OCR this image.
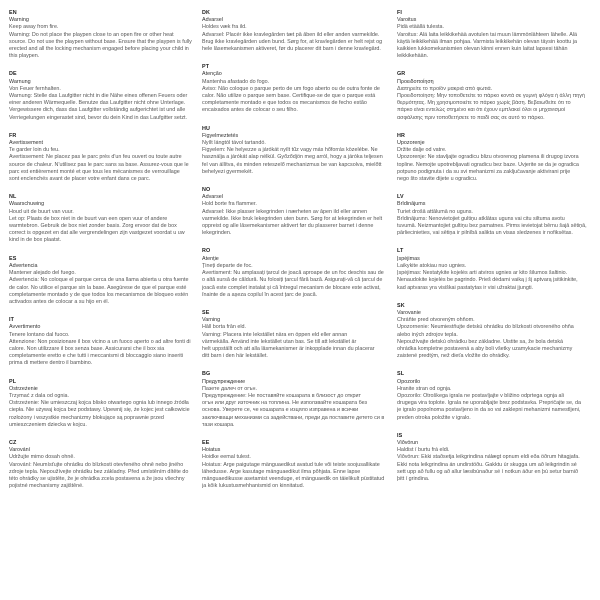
EN
Warning
Keep away from fire.
Warning: Do not place the playpen close to an open fire or other heat
source. Do not use the playpen without base. Ensure that the playpen is fully
erected and all the locking mechanism engaged before placing your child in
this playpen.
DE
Warnung
Von Feuer fernhalten.
Warnung: Stelle das Laufgitter nicht in die Nähe eines offenen Feuers oder
einer anderen Wärmequelle. Benutze das Laufgitter nicht ohne Unterlage.
Vergewissere dich, dass das Laufgitter vollständig aufgerichtet ist und alle
Verriegelungen eingerastet sind, bevor du dein Kind in das Laufgitter setzt.
FR
Avertissement
Te garder loin du feu.
Avertissement: Ne placez pas le parc près d'un feu ouvert ou toute autre
source de chaleur. N'utilisez pas le parc sans sa base. Assurez-vous que le
parc est entièrement monté et que tous les mécanismes de verrouillage
sont enclenchés avant de placer votre enfant dans ce parc.
NL
Waarschuwing
Houd uit de buurt van vuur.
Let op: Plaats de box niet in de buurt van een open vuur of andere
warmtebron. Gebruik de box niet zonder basis. Zorg ervoor dat de box
correct is opgezet en dat alle vergrendelingen zijn vastgezet voordat u uw
kind in de box plaatst.
ES
Advertencia
Mantener alejado del fuego.
Advertencia: No coloque el parque cerca de una llama abierta u otra fuente
de calor. No utilice el parque sin la base. Asegúrese de que el parque esté
completamente montado y de que todos los mecanismos de bloqueo estén
activados antes de colocar a su hijo en él.
IT
Avvertimento
Tenere lontano dal fuoco.
Attenzione: Non posizionare il box vicino a un fuoco aperto o ad altre fonti di
calore. Non utilizzare il box senza base. Assicurarsi che il box sia
completamente eretto e che tutti i meccanismi di bloccaggio siano inseriti
prima di mettere dentro il bambino.
PL
Ostrzeżenie
Trzymać z dala od ognia.
Ostrzeżenie: Nie umieszczaj kojca blisko otwartego ognia lub innego źródła
ciepła. Nie używaj kojca bez podstawy. Upewnij się, że kojec jest całkowicie
rozłożony i wszystkie mechanizmy blokujące są poprawnie przed
umieszczeniem dziecka w kojcu.
CZ
Varování
Udržujte mimo dosah ohně.
Varování: Neumísťujte ohrádku do blízkosti otevřeného ohně nebo jiného
zdroje tepla. Nepoužívejte ohrádku bez základny. Před umístěním dítěte do
této ohrádky se ujistěte, že je ohrádka zcela postavena a že jsou všechny
pojistné mechanismy zajištěné.
DK
Advarsel
Holdes væk fra ild.
Advarsel: Placér ikke kravlegården tæt på åben ild eller anden varmekilde.
Brug ikke kravlegården uden bund. Sørg for, at kravlegården er helt rejst og
hele låsemekanismen aktiveret, før du placerer dit barn i denne kravlegård.
PT
Atenção
Mantenha afastado do fogo.
Aviso: Não coloque o parque perto de um fogo aberto ou de outra fonte de
calor. Não utilize o parque sem base. Certifique-se de que o parque está
completamente montado e que todos os mecanismos de fecho estão
encaixados antes de colocar o seu filho.
HU
Figyelmeztetés
Nyílt lángtól távol tartandó.
Figyelem: Ne helyezze a járókát nyílt tűz vagy más hőforrás közelébe. Ne
használja a járókát alap nélkül. Győződjön meg arról, hogy a járóka teljesen
fel van állítva, és minden reteszelő mechanizmus be van kapcsolva, mielőtt
behelyezi gyermekét.
NO
Advarsel
Hold borte fra flammer.
Advarsel: Ikke plasser lekegrinden i nærheten av åpen ild eller annen
varmekilde. Ikke bruk lekegrinden uten bunn. Sørg for at lekegrinden er helt
oppreist og alle låsemekanismer aktivert før du plasserer barnet i denne
lekegrinden.
RO
Atenție
Țineți departe de foc.
Avertisment: Nu amplasați țarcul de joacă aproape de un foc deschis sau de
o altă sursă de căldură. Nu folosiți țarcul fără bază. Asigurați-vă că țarcul de
joacă este complet instalat și că întregul mecanism de blocare este activat,
înainte de a așeza copilul în acest țarc de joacă.
SE
Varning
Håll borta från eld.
Varning: Placera inte lekstället nära en öppen eld eller annan
värmekälla. Använd inte lekstället utan bas. Se till att lekstället är
helt uppställt och att alla låsmekanismer är inkopplade innan du placerar
ditt barn i den här lekstället.
BG
Предупреждение
Пазете далеч от огън.
Предупреждение: Не поставяйте кошарата в близост до открит
огън или друг източник на топлина. Не използвайте кошарата без
основа. Уверете се, че кошарата е изцяло изправена и всички
заключващи механизми са задействани, преди да поставите детето си в
тази кошара.
EE
Hoiatus
Hoidke eemal tulest.
Hoiatus: Ärge paigutage mänguaedikut avatud tule või teiste soojusallikate
lähedusse. Ärge kasutage mänguaedikut ilma põhjata. Enne lapse
mänguaedikusse asetamist veenduge, et mänguaedik on täielikult püstitatud
ja kõik lukustusmehhanismid on kinnitatud.
FI
Varoitus
Pidä etäällä tulesta.
Varoitus: Älä laita leikkikehää avotulen tai muun lämmönlähteen lähelle. Älä
käytä leikkikehää ilman pohjaa. Varmista leikkikehän olevan täysin koottu ja
kaikkien lukkomekanismien olevan kiinni ennen kuin laitat lapsesi tähän
leikkikehään.
GR
Προειδοποίηση
Διατηρείτε το προϊόν μακριά από φωτιά.
Προειδοποίηση: Μην τοποθετείτε το πάρκο κοντά σε γυμνή φλόγα ή άλλη πηγή
θερμότητας. Μη χρησιμοποιείτε το πάρκο χωρίς βάση. Βεβαιωθείτε ότι το
πάρκο είναι εντελώς στημένο και ότι έχουν εμπλακεί όλοι οι μηχανισμοί
ασφάλισης πριν τοποθετήσετε το παιδί σας σε αυτό το πάρκο.
HR
Upozorenje
Držite dalje od vatre.
Upozorenje: Ne stavljajte ogradicu blizu otvorenog plamena ili drugog izvora
topline. Nemojte upotrebljavati ogradicu bez baze. Uvjerite se da je ogradica
potpuno podignuta i da su svi mehanizmi za zaključavanje aktivirani prije
nego što stavite dijete u ogradicu.
LV
Brīdinājums
Turiet drošā attālumā no uguns.
Brīdinājums: Nenovietojiet gultiņu atklātas uguns vai citu siltuma avotu
tuvumā. Neizmantojiet gultiņu bez pamatnes. Pirms ievietojat bērnu šajā sētiņā,
pārliecinieties, vai sētiņa ir pilnībā salikta un visas sledzenes ir noﬁksētas.
LT
Įspėjimas
Laikykite atokiau nuo ugnies.
Įspėjimas: Nestatykite kojelės arti atviros ugnies ar kito šilumos šaltinio.
Nenaudokite kojelės be pagrindo. Prieš dėdami vaiką į šį aptvarą įsitikinkite,
kad aptvaras yra visiškai pastatytas ir visi užraktai įjungti.
SK
Varovanie
Chráňte pred otvoreným ohňom.
Upozornenie: Neumiestňujte detskú ohrádku do blízkosti otvoreného ohňa
alebo iných zdrojov tepla.
Nepoužívajte detskú ohrádku bez základne. Uistite sa, že bola detská
ohrádka kompletne postavená a aby boli všetky uzamykacie mechanizmy
zaistené predtým, než dieťa vložíte do ohrádky.
SL
Opozorilo
Hranite stran od ognja.
Opozorilo: Otroškega igrala ne postavljajte v bližino odprtega ognja ali
drugega vira toplote. Igrala ne uporabljajte brez podstavka. Prepričajte se, da
je igralo popolnoma postavljeno in da so vsi zaklepni mehanizmi namestljeni,
preden otroka položite v igralo.
IS
Viðvörun
Haldist í burtu frá eldi.
Viðvörun: Ekki staðsetja leikgrindina nálægt opnum eldi eða öðrum hitagjafa.
Ekki nota leikgrindina án undirstöðu. Gakktu úr skugga um að leikgrindin sé
sett upp að fullu og að allur læsibúnaður sé í notkun áður en þú setur barnið
þitt í grindina.
